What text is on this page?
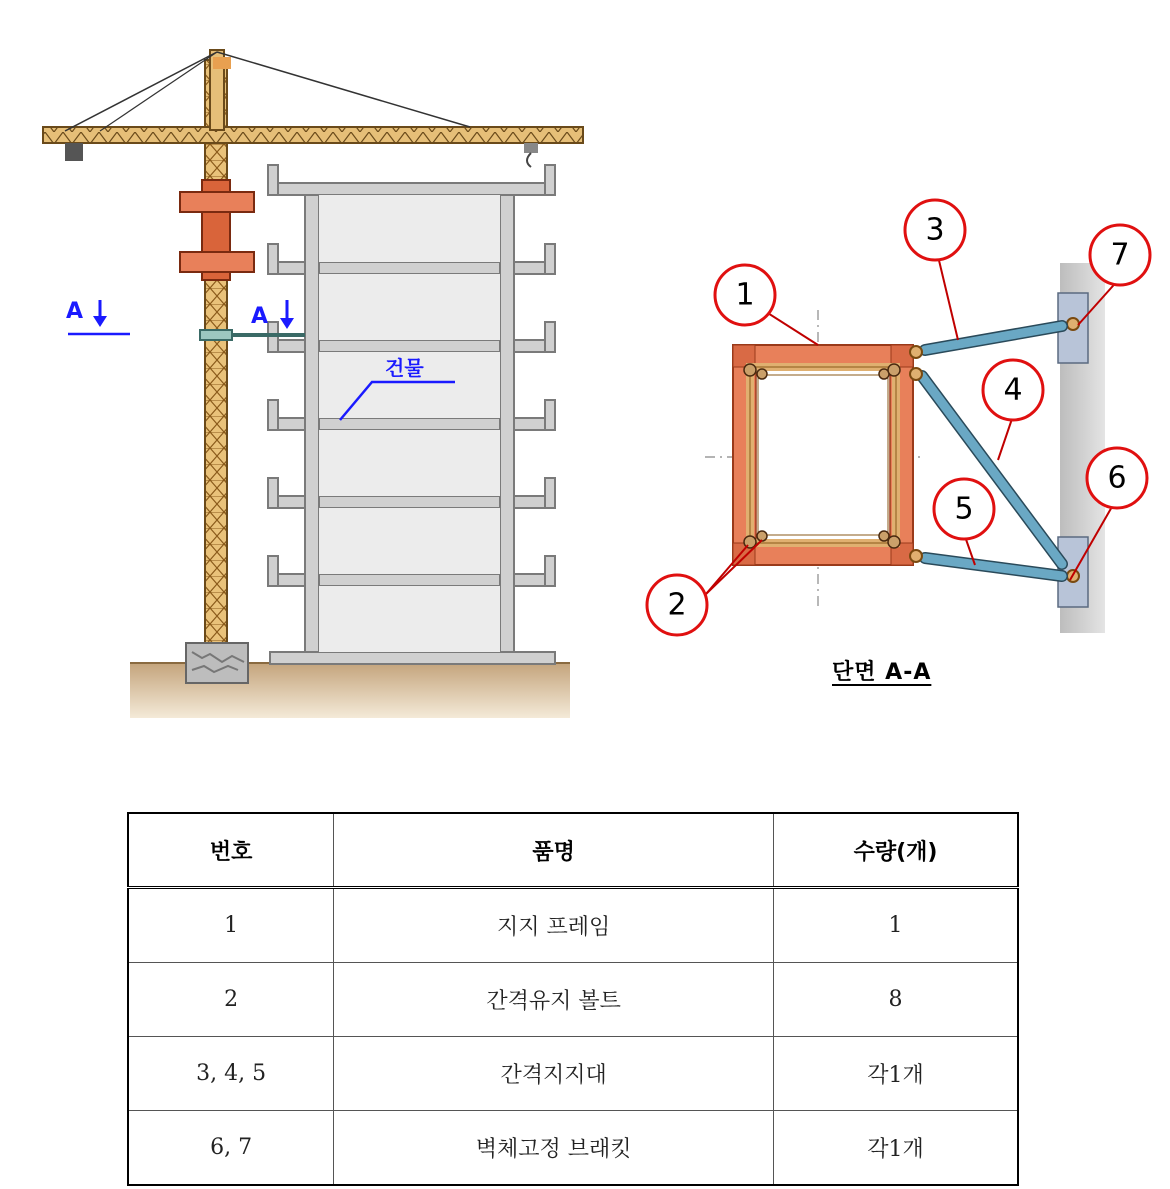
A	A
건물
1
2
3
4
5
6
7
단면 A-A
번호	품명	수량(개)
1	지지 프레임	1
2	간격유지 볼트	8
3, 4, 5	간격지지대	각1개
6, 7	벽체고정 브래킷	각1개
